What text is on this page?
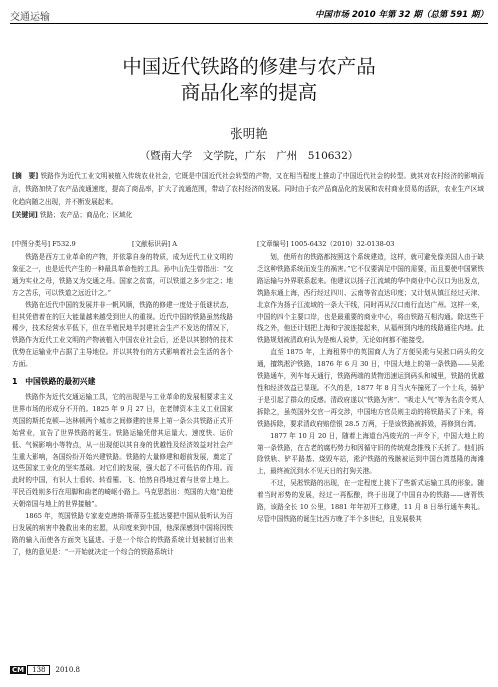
交通运输	中国市场 2010 年第 32 期（总第 591 期）
中国近代铁路的修建与农产品
商品化率的提高
张明艳
（暨南大学　文学院，广东　广州　510632）
[摘　要] 铁路作为近代工业文明被植入传统农业社会，它既是中国近代社会转型的产物，又在相当程度上推动了中国近代社会的转型。就其对农村经济的影响而言，铁路加快了农产品流通速度，提高了商品率，扩大了流通范围，带动了农村经济的发展。同时由于农产品商品化的发展和农村商业贸易的活跃，农业生产区域化趋向随之出现，并不断发展起来。
[关键词] 铁路；农产品；商品化；区域化
[中图分类号] F532.9	[文献标识码] A	[文章编号] 1005-6432（2010）32-0138-03

铁路是西方工业革命的产物，并依靠自身的特质，成为近代工业文明的象征之一，也是近代产生的一种最具革命性的工具。孙中山先生曾指出：“交通为实业之母，铁路又为交通之母。国家之贫富，可以铁道之多少定之；地方之苦乐，可以铁道之远近计之。”

铁路在近代中国的发展并非一帆风顺，铁路的修建一度处于低谜状态，但其凭借着在的巨大能量越来越受到世人的重视。近代中国的铁路虽然线路稀少，技术经营水平低下，但在半殖民地半封建社会生产不发达的情况下，铁路作为近代工业文明的产物被植入中国农业社会后，还是以其独特的技术优势在运输业中占据了主导地位。并以其特有的方式影响着社会生活的各个方面。

1　中国铁路的最初兴建

铁路作为近代交通运输工具，它的出现是与工业革命的发展相要求主义世界市场的形成分不开的。1825 年 9 月 27 日，在老牌资本主义工业国家英国的斯托克顿—达林顿两个城市之间修建的世界上第一条公共铁路正式开始营业，宣告了世界铁路的诞生。铁路运输凭借其运量大、速度快、运价低、气候影响小等特点，从一出现便以其自身的优越性及经济效益对社会产生重大影响，各国纷纷开始兴建铁路。铁路的大量修建和超前发展，奠定了这些国家工业化的坚实基础。对它们的发展，强大起了不可低估的作用。而此时的中国，有识人士看转、转看罹、飞、怕然自得地过着与世帝上地上。平民百姓则多行在用脚和曲老的崎岖小路上。马克思指出：英国的大炮“迫使天朝帝国与地上的世界接触”。

1865 年，英国铁路专家麦克唐纳·斯蒂芬生抵达要把中国从低听认为百日发展的病害中挽救出来的宏愿，从印度来到中国，他深深感到中国将因铁路的输入而使各方面突飞猛进。于是一个综合的铁路系统计划被制订出来了，他的意见是：“一开始就决定一个综合的铁路系统计

划，使所有的铁路都按照这个系统建造，这样，就可避免像美国人由于缺乏这种铁路系统而发生的祸害。”它不仅要满足中国的需要，而且要使中国紧铁路运输与外界联系起来。他建议以扬子江流域的华中商业中心汉口为出发点，筑路东通上海，西行经过四川、云南等省直达印度；又计划从镇江经过天津、北京作为扬子江流域的一条大干线，同时再从汉口南行直达广州。这样一来，中国的四个主要口岸，也是最重要的商业中心，将由铁路互相沟通。除这些干线之外，他还计划把上海和宁波连接起来，从福州到内地的线路通往内地。此铁路规划被清政府认为是痴人说梦，无论如何都不能接受。

直至 1875 年，上海租界中的英国商人为了方便吴淞与吴淞口码头的交通，擅筑淞沪铁路，1876 年 6 月 30 日，中国大地上的第一条铁路——吴淞铁路通车，列车每天通行，铁路两端的货物迅速运到码头和城里，铁路的优越性和经济效益已显现。不久的是，1877 年 8 月当火车撞死了一个士兵，骑驴于是引起了群众的反感。清政府遂以“铁路为害”、“吸走人气”等为名责令英人拆除之，虽英国外交官一再交涉，中国地方官员则主动的将铁路买了下来，将铁路拆除，要求清政府赔偿银 28.5 万两，于是该铁路被拆毁，再修到台湾。

1877 年 10 月 20 日，随着上海道台冯焌光的一声令下，中国大地上的第一条铁路，在古老的腐朽势力和因循守旧的传统观念推残下夭折了。他们拆除铁轨、铲平路基、烧毁车站，淞沪铁路的残骸被运到中国台湾基隆的海滩上，最终被沉到水不见天日的打狗关港。

不过，吴淞铁路的出现，在一定程度上挑下了些新式运输工具的形象。随着当时形势的发展，经过一再酝酿，终于出现了中国自办的铁路——唐胥铁路，该路全长 10 公里，1881 年年初开工修建，11 月 8 日举行通车典礼。尽管中国铁路的诞生比西方晚了半个多世纪，且发展极其

CM 138 2010.8
